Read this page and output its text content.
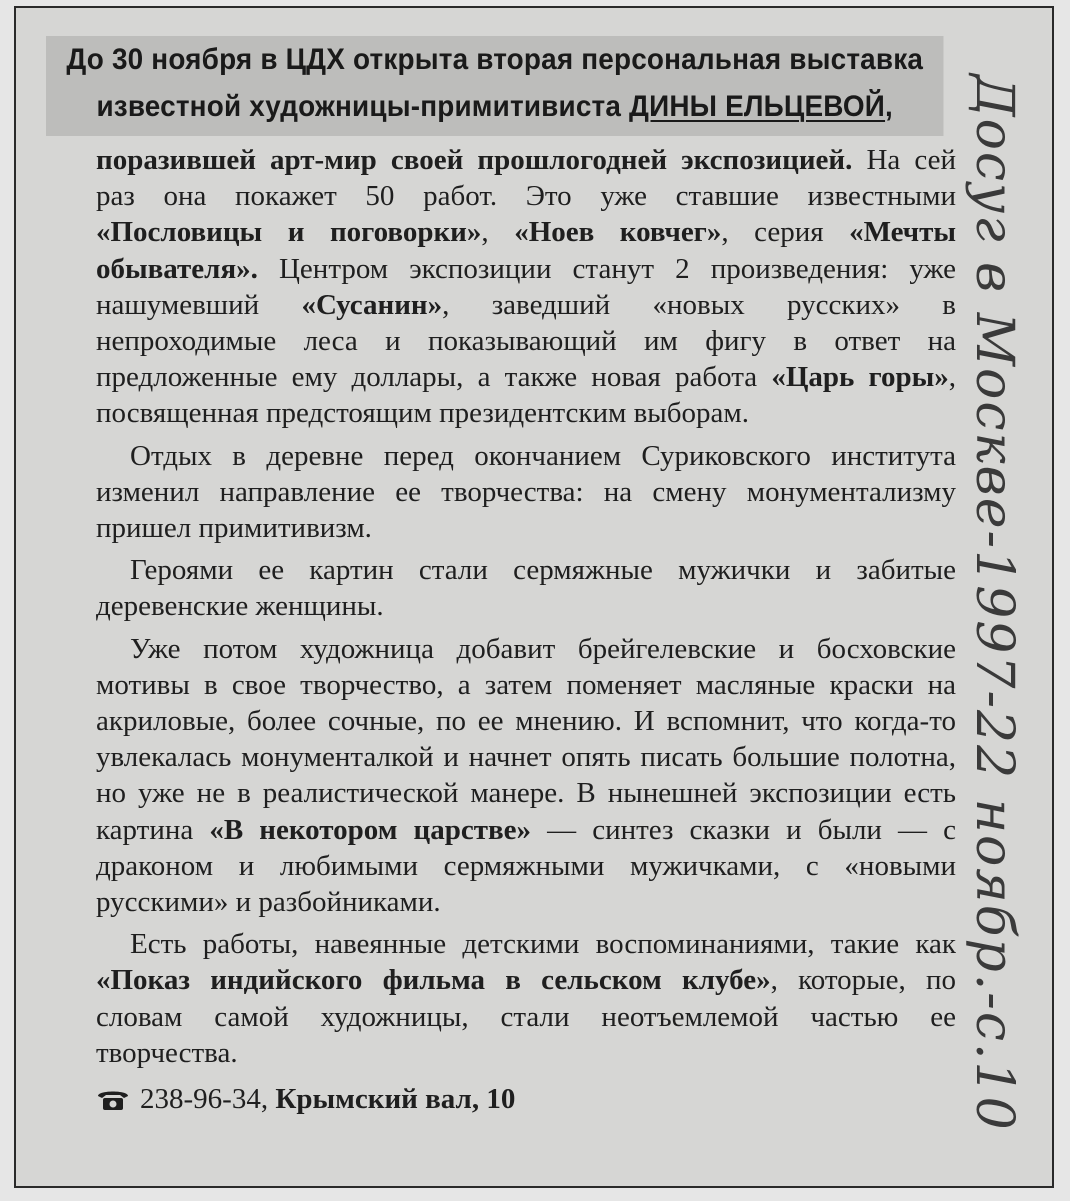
До 30 ноября в ЦДХ открыта вторая персональная выставка
известной художницы-примитивиста ДИНЫ ЕЛЬЦЕВОЙ,

поразившей арт-мир своей прошлогодней экспозицией. На сей раз она покажет 50 работ. Это уже ставшие известными «Пословицы и поговорки», «Ноев ковчег», серия «Мечты обывателя». Центром экспозиции станут 2 произведения: уже нашумевший «Сусанин», заведший «новых русских» в непроходимые леса и показывающий им фигу в ответ на предложенные ему доллары, а также новая работа «Царь горы», посвященная предстоящим президентским выборам.

Отдых в деревне перед окончанием Суриковского института изменил направление ее творчества: на смену монументализму пришел примитивизм.

Героями ее картин стали сермяжные мужички и забитые деревенские женщины.

Уже потом художница добавит брейгелевские и босховские мотивы в свое творчество, а затем поменяет масляные краски на акриловые, более сочные, по ее мнению. И вспомнит, что когда-то увлекалась монументалкой и начнет опять писать большие полотна, но уже не в реалистической манере. В нынешней экспозиции есть картина «В некотором царстве» — синтез сказки и были — с драконом и любимыми сермяжными мужичками, с «новыми русскими» и разбойниками.

Есть работы, навеянные детскими воспоминаниями, такие как «Показ индийского фильма в сельском клубе», которые, по словам самой художницы, стали неотъемлемой частью ее творчества.

238-96-34, Крымский вал, 10	Досуг в Москве-1997-22 ноябр.-с.10
